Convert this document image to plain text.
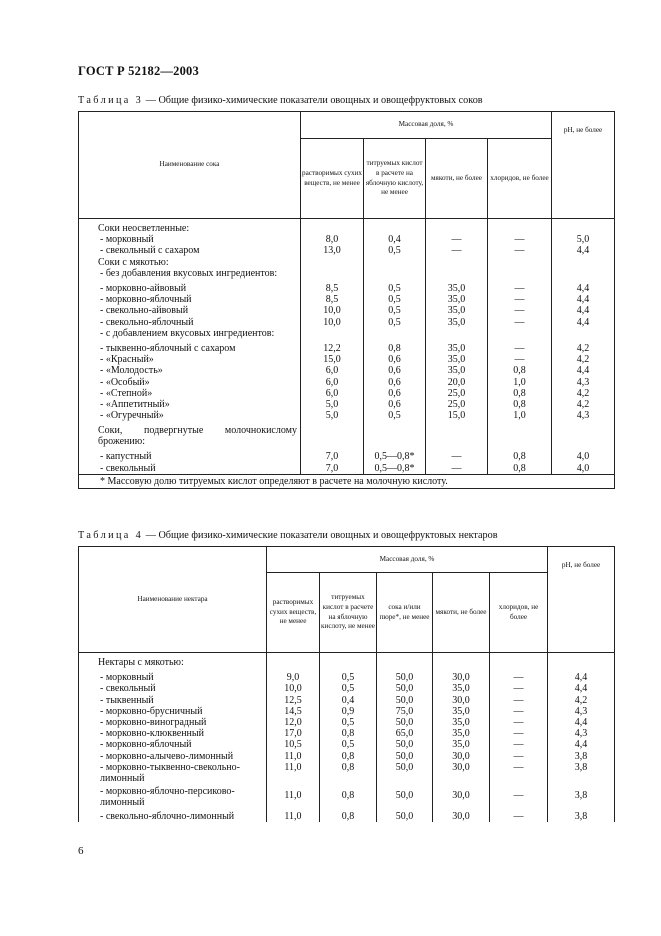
ГОСТ Р 52182—2003
Таблица 3 — Общие физико-химические показатели овощных и овощефруктовых соков
Наименование сока	Массовая доля, %				pH, не более
	растворимых сухих веществ, не менее	титруемых кислот в расчете на яблочную кислоту, не менее	мякоти, не более	хлоридов, не более	
Соки неосветленные:					
- морковный	8,0	0,4	—	—	5,0
- свекольный с сахаром	13,0	0,5	—	—	4,4
Соки с мякотью:					
- без добавления вкусовых ингредиентов:					

- морковно-айвовый	8,5	0,5	35,0	—	4,4
- морковно-яблочный	8,5	0,5	35,0	—	4,4
- свекольно-айвовый	10,0	0,5	35,0	—	4,4
- свекольно-яблочный	10,0	0,5	35,0	—	4,4
- с добавлением вкусовых ингредиентов:					

- тыквенно-яблочный с сахаром	12,2	0,8	35,0	—	4,2
- «Красный»	15,0	0,6	35,0	—	4,2
- «Молодость»	6,0	0,6	35,0	0,8	4,4
- «Особый»	6,0	0,6	20,0	1,0	4,3
- «Степной»	6,0	0,6	25,0	0,8	4,2
- «Аппетитный»	5,0	0,6	25,0	0,8	4,2
- «Огуречный»	5,0	0,5	15,0	1,0	4,3
Соки, подвергнутые молочнокислому брожению:					

- капустный	7,0	0,5—0,8*	—	0,8	4,0
- свекольный	7,0	0,5—0,8*	—	0,8	4,0
* Массовую долю титруемых кислот определяют в расчете на молочную кислоту.					
Таблица 4 — Общие физико-химические показатели овощных и овощефруктовых нектаров
Наименование нектара	Массовая доля, %					pH, не более
	растворимых сухих веществ, не менее	титруемых кислот в расчете на яблочную кислоту, не менее	сока и/или пюре*, не менее	мякоти, не более	хлоридов, не более	
Нектары с мякотью:						

- морковный	9,0	0,5	50,0	30,0	—	4,4
- свекольный	10,0	0,5	50,0	35,0	—	4,4
- тыквенный	12,5	0,4	50,0	30,0	—	4,2
- морковно-брусничный	14,5	0,9	75,0	35,0	—	4,3
- морковно-виноградный	12,0	0,5	50,0	35,0	—	4,4
- морковно-клюквенный	17,0	0,8	65,0	35,0	—	4,3
- морковно-яблочный	10,5	0,5	50,0	35,0	—	4,4
- морковно-алычево-лимонный	11,0	0,8	50,0	30,0	—	3,8
- морковно-тыквенно-свекольно-лимонный	11,0	0,8	50,0	30,0	—	3,8
- морковно-яблочно-персиково-лимонный	11,0	0,8	50,0	30,0	—	3,8
- свекольно-яблочно-лимонный	11,0	0,8	50,0	30,0	—	3,8
6
